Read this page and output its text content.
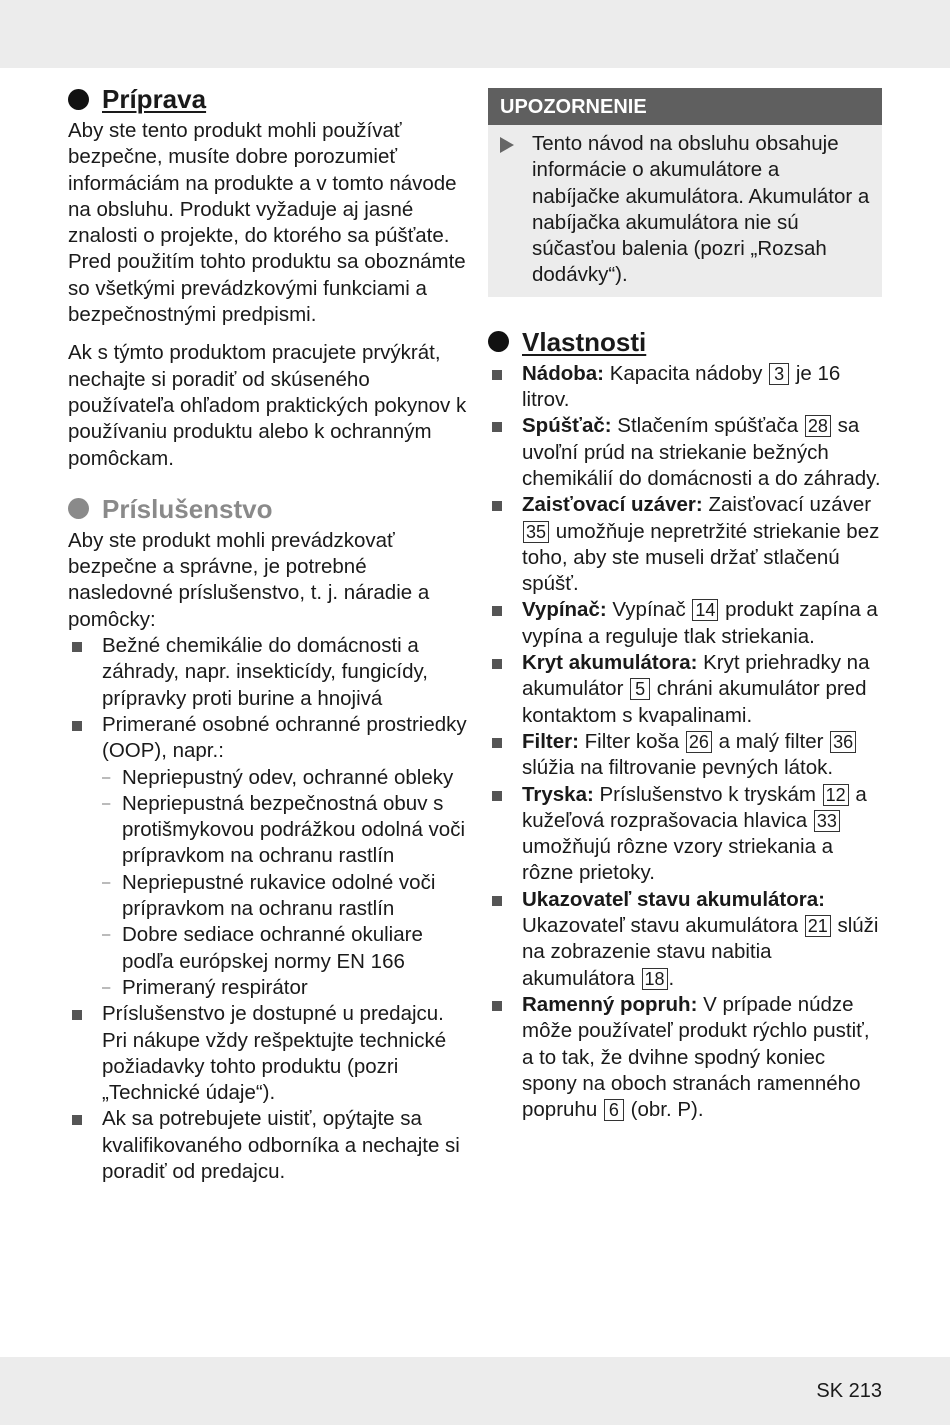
Príprava

Aby ste tento produkt mohli používať bezpečne, musíte dobre porozumieť informáciám na produkte a v tomto návode na obsluhu. Produkt vyžaduje aj jasné znalosti o projekte, do ktorého sa púšťate. Pred použitím tohto produktu sa oboznámte so všetkými prevádzkovými funkciami a bezpečnostnými predpismi.

Ak s týmto produktom pracujete prvýkrát, nechajte si poradiť od skúseného používateľa ohľadom praktických pokynov k používaniu produktu alebo k ochranným pomôckam.

Príslušenstvo

Aby ste produkt mohli prevádzkovať bezpečne a správne, je potrebné nasledovné príslušenstvo, t. j. náradie a pomôcky:

Bežné chemikálie do domácnosti a záhrady, napr. insekticídy, fungicídy, prípravky proti burine a hnojivá
Primerané osobné ochranné prostriedky (OOP), napr.:
– Nepriepustný odev, ochranné obleky
– Nepriepustná bezpečnostná obuv s protišmykovou podrážkou odolná voči prípravkom na ochranu rastlín
– Nepriepustné rukavice odolné voči prípravkom na ochranu rastlín
– Dobre sediace ochranné okuliare podľa európskej normy EN 166
– Primeraný respirátor
Príslušenstvo je dostupné u predajcu. Pri nákupe vždy rešpektujte technické požiadavky tohto produktu (pozri „Technické údaje“).
Ak sa potrebujete uistiť, opýtajte sa kvalifikovaného odborníka a nechajte si poradiť od predajcu.
UPOZORNENIE
Tento návod na obsluhu obsahuje informácie o akumulátore a nabíjačke akumulátora. Akumulátor a nabíjačka akumulátora nie sú súčasťou balenia (pozri „Rozsah dodávky“).
Vlastnosti
Nádoba: Kapacita nádoby 3 je 16 litrov.
Spúšťač: Stlačením spúšťača 28 sa uvoľní prúd na striekanie bežných chemikálií do domácnosti a do záhrady.
Zaisťovací uzáver: Zaisťovací uzáver 35 umožňuje nepretržité striekanie bez toho, aby ste museli držať stlačenú spúšť.
Vypínač: Vypínač 14 produkt zapína a vypína a reguluje tlak striekania.
Kryt akumulátora: Kryt priehradky na akumulátor 5 chráni akumulátor pred kontaktom s kvapalinami.
Filter: Filter koša 26 a malý filter 36 slúžia na filtrovanie pevných látok.
Tryska: Príslušenstvo k tryskám 12 a kužeľová rozprašovacia hlavica 33 umožňujú rôzne vzory striekania a rôzne prietoky.
Ukazovateľ stavu akumulátora: Ukazovateľ stavu akumulátora 21 slúži na zobrazenie stavu nabitia akumulátora 18 .
Ramenný popruh: V prípade núdze môže používateľ produkt rýchlo pustiť, a to tak, že dvihne spodný koniec spony na oboch stranách ramenného popruhu 6 (obr. P).
SK 213
